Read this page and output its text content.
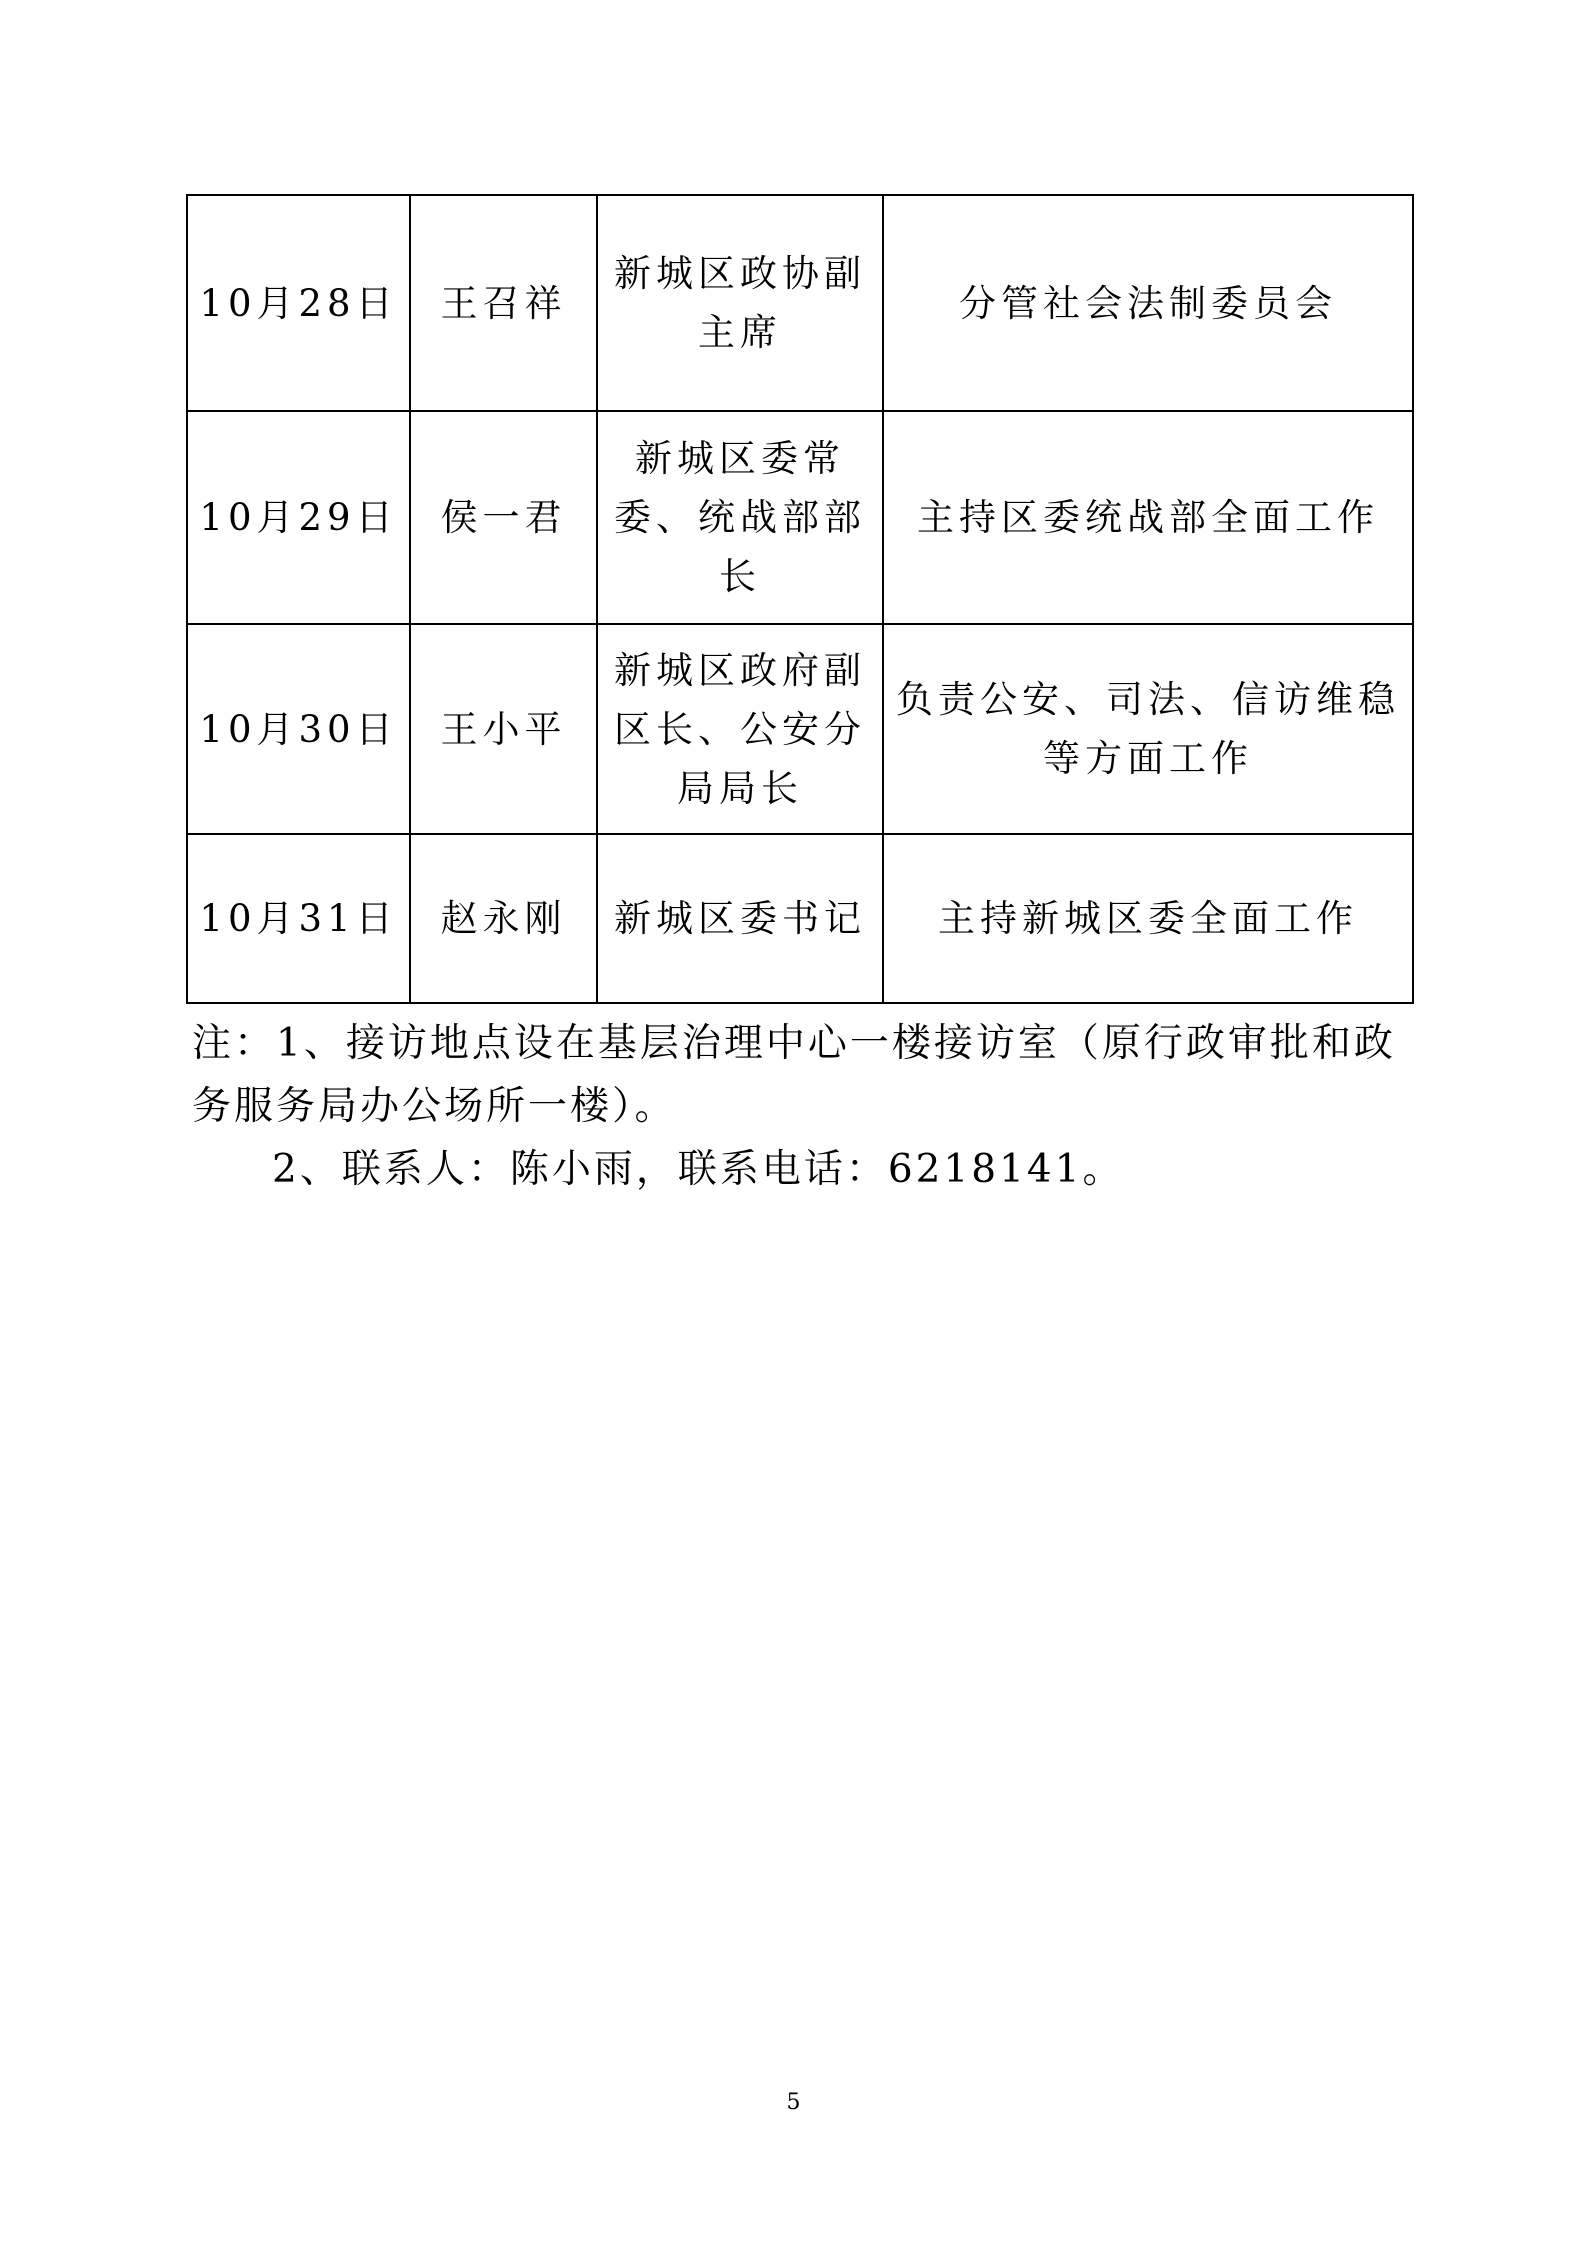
10月28日	王召祥	新城区政协副主席	分管社会法制委员会
10月29日	侯一君	新城区委常委、统战部部长	主持区委统战部全面工作
10月30日	王小平	新城区政府副区长、公安分局局长	负责公安、司法、信访维稳等方面工作
10月31日	赵永刚	新城区委书记	主持新城区委全面工作

注：1、接访地点设在基层治理中心一楼接访室（原行政审批和政务服务局办公场所一楼）。

2、联系人：陈小雨，联系电话：6218141。

5
